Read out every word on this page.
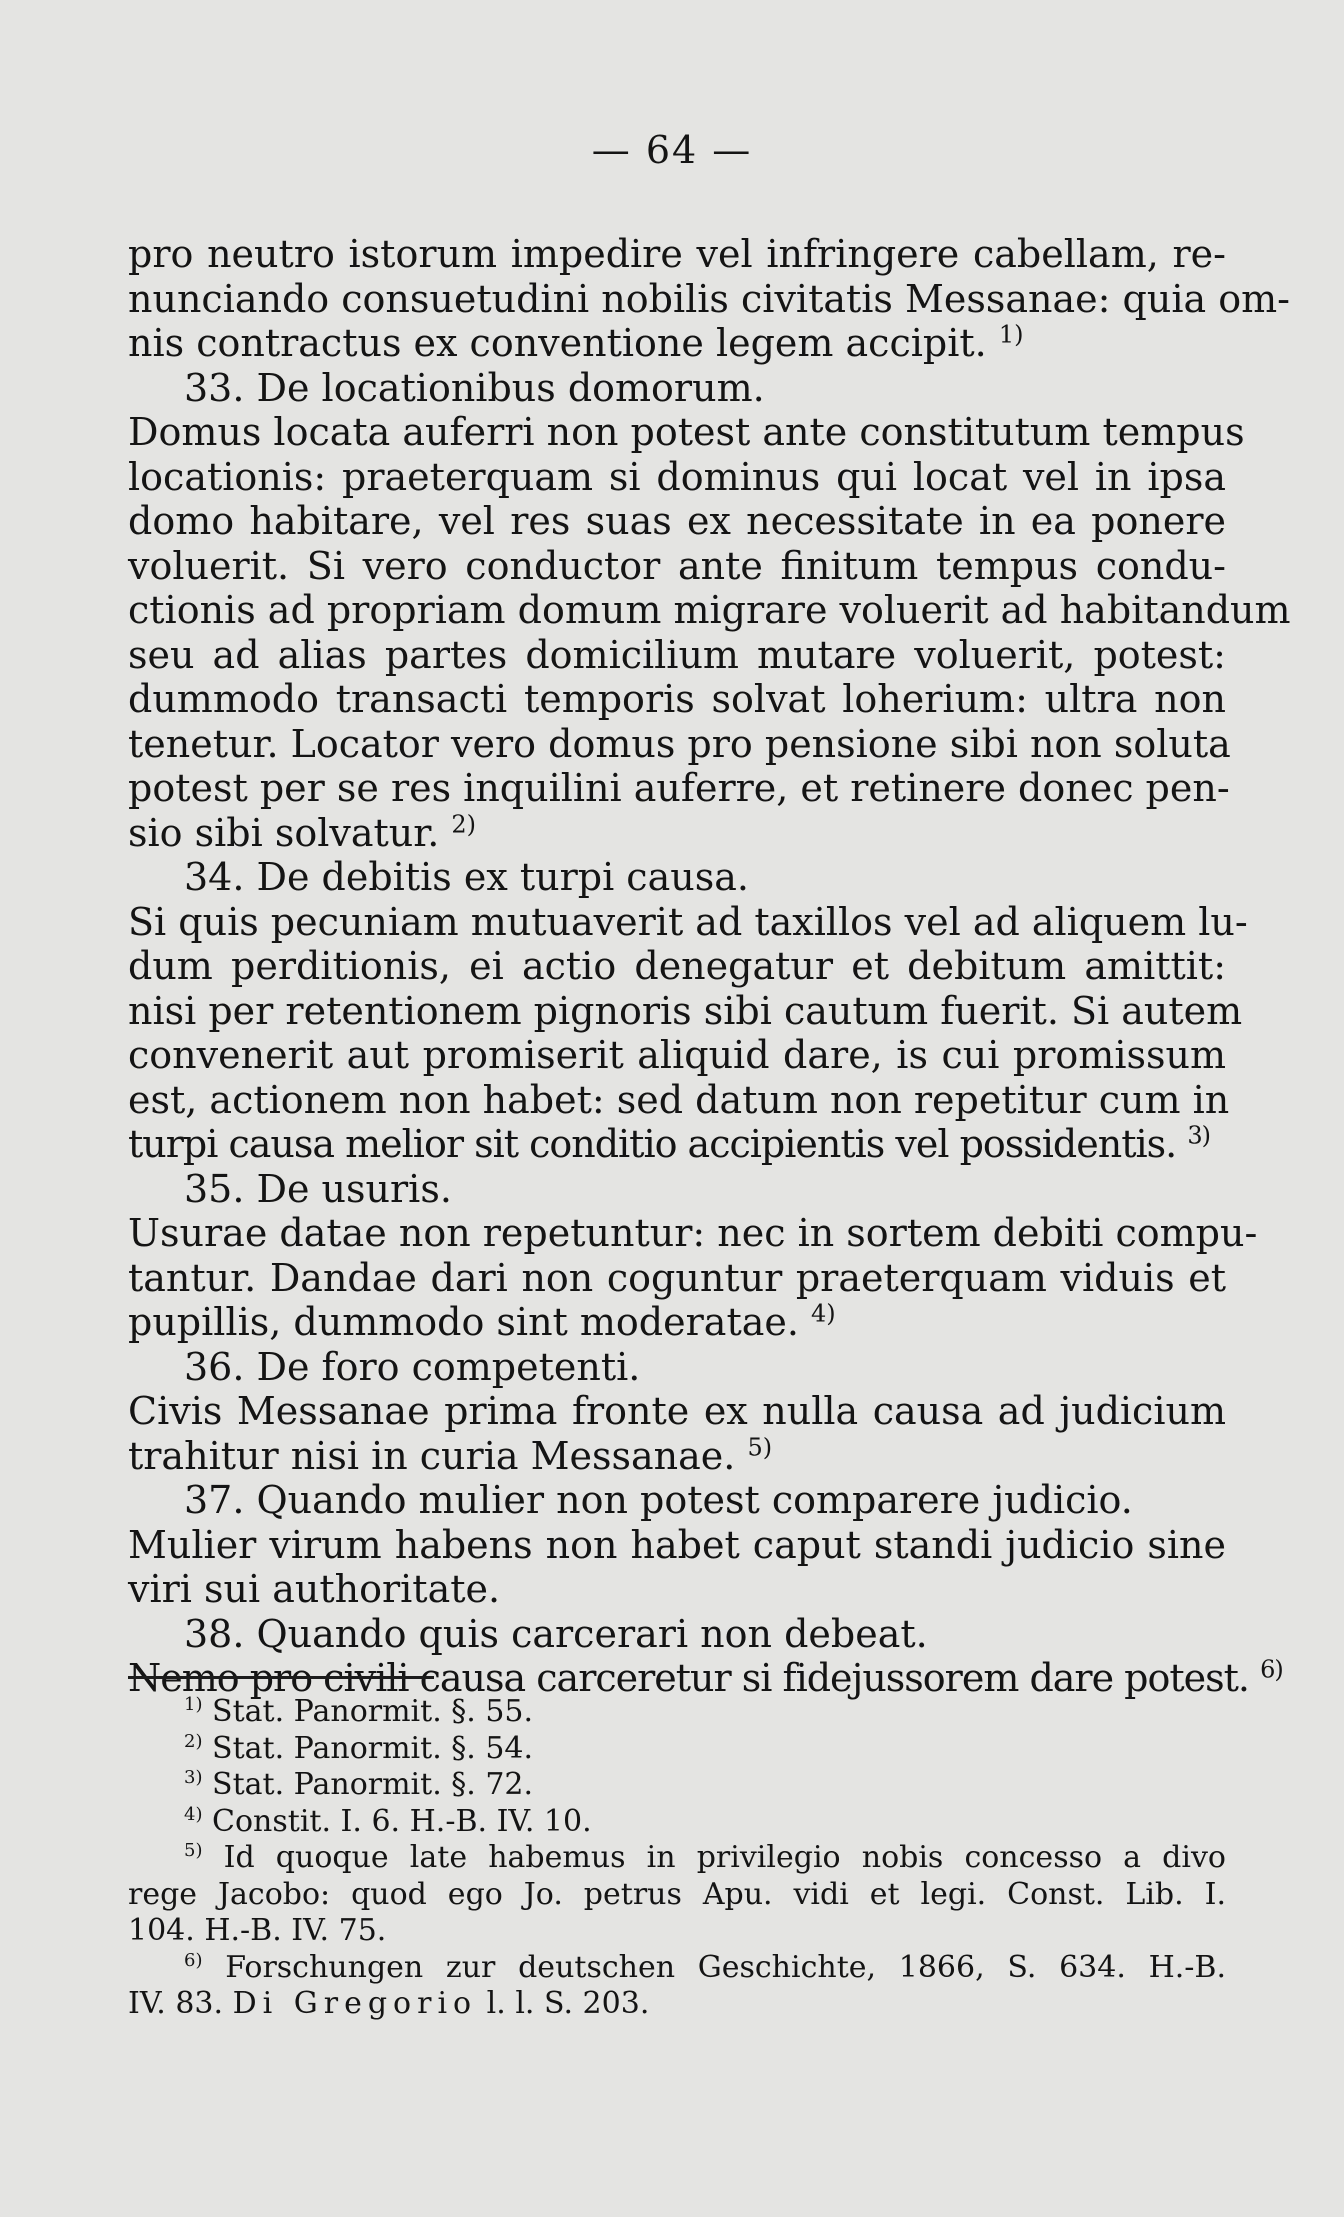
— 64 —
pro neutro istorum impedire vel infringere cabellam, re-
nunciando consuetudini nobilis civitatis Messanae: quia om-
nis contractus ex conventione legem accipit. $^{1)}$
33. De locationibus domorum.
Domus locata auferri non potest ante constitutum tempus
locationis: praeterquam si dominus qui locat vel in ipsa
domo habitare, vel res suas ex necessitate in ea ponere
voluerit. Si vero conductor ante finitum tempus condu-
ctionis ad propriam domum migrare voluerit ad habitandum
seu ad alias partes domicilium mutare voluerit, potest:
dummodo transacti temporis solvat loherium: ultra non
tenetur. Locator vero domus pro pensione sibi non soluta
potest per se res inquilini auferre, et retinere donec pen-
sio sibi solvatur. $^{2)}$
34. De debitis ex turpi causa.
Si quis pecuniam mutuaverit ad taxillos vel ad aliquem lu-
dum perditionis, ei actio denegatur et debitum amittit:
nisi per retentionem pignoris sibi cautum fuerit. Si autem
convenerit aut promiserit aliquid dare, is cui promissum
est, actionem non habet: sed datum non repetitur cum in
turpi causa melior sit conditio accipientis vel possidentis. $^{3)}$
35. De usuris.
Usurae datae non repetuntur: nec in sortem debiti compu-
tantur. Dandae dari non coguntur praeterquam viduis et
pupillis, dummodo sint moderatae. $^{4)}$
36. De foro competenti.
Civis Messanae prima fronte ex nulla causa ad judicium
trahitur nisi in curia Messanae. $^{5)}$
37. Quando mulier non potest comparere judicio.
Mulier virum habens non habet caput standi judicio sine
viri sui authoritate.
38. Quando quis carcerari non debeat.
Nemo pro civili causa carceretur si fidejussorem dare potest. $^{6)}$
$^{1)}$ Stat. Panormit. §. 55.
$^{2)}$ Stat. Panormit. §. 54.
$^{3)}$ Stat. Panormit. §. 72.
$^{4)}$ Constit. I. 6. H.-B. IV. 10.
$^{5)}$ Id quoque late habemus in privilegio nobis concesso a divo
rege Jacobo: quod ego Jo. petrus Apu. vidi et legi. Const. Lib. I.
104. H.-B. IV. 75.
$^{6)}$ Forschungen zur deutschen Geschichte, 1866, S. 634. H.-B.
IV. 83. Di Gregorio l. l. S. 203.
